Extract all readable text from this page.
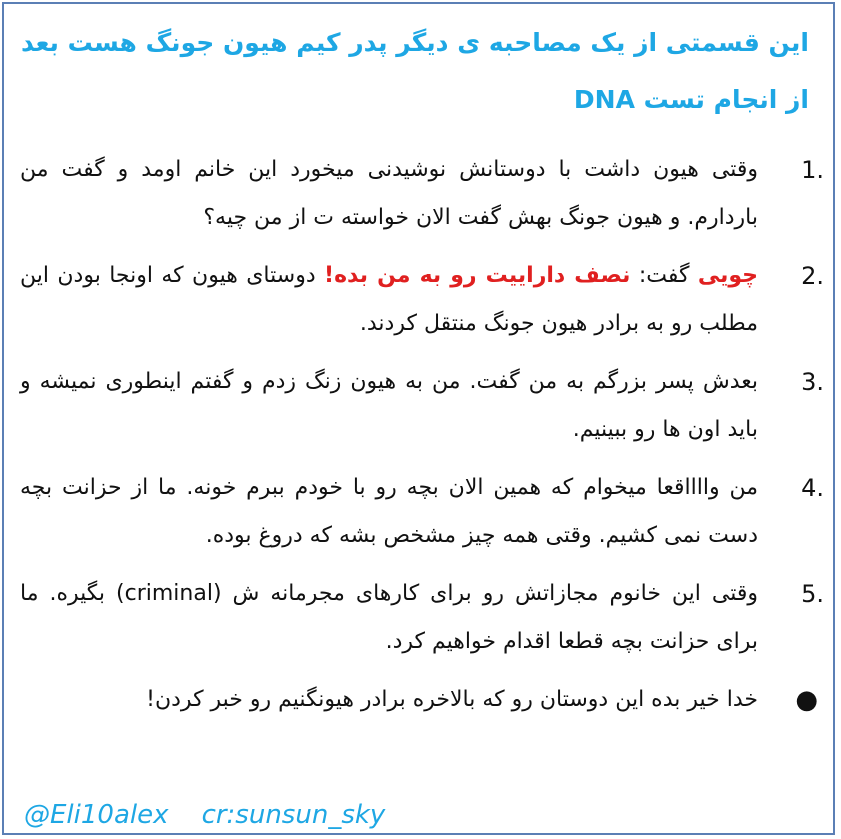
این قسمتی از یک مصاحبه ی دیگر پدر کیم هیون جونگ هست بعد از انجام تست DNA
1.
وقتی هیون داشت با دوستانش نوشیدنی میخورد این خانم اومد و گفت من باردارم. و هیون جونگ بهش گفت الان خواسته ت از من چیه؟
2.
چویی گفت: نصف داراییت رو به من بده! دوستای هیون که اونجا بودن این مطلب رو به برادر هیون جونگ منتقل کردند.
3.
بعدش پسر بزرگم به من گفت. من به هیون زنگ زدم و گفتم اینطوری نمیشه و باید اون ها رو ببینیم.
4.
من وااااقعا میخوام که همین الان بچه رو با خودم ببرم خونه. ما از حزانت بچه دست نمی کشیم. وقتی همه چیز مشخص بشه که دروغ بوده.
5.
وقتی این خانوم مجازاتش رو برای کارهای مجرمانه ش (criminal) بگیره. ما برای حزانت بچه قطعا اقدام خواهیم کرد.
●
خدا خیر بده این دوستان رو که بالاخره برادر هیونگنیم رو خبر کردن!
@Eli10alex cr:sunsun_sky
